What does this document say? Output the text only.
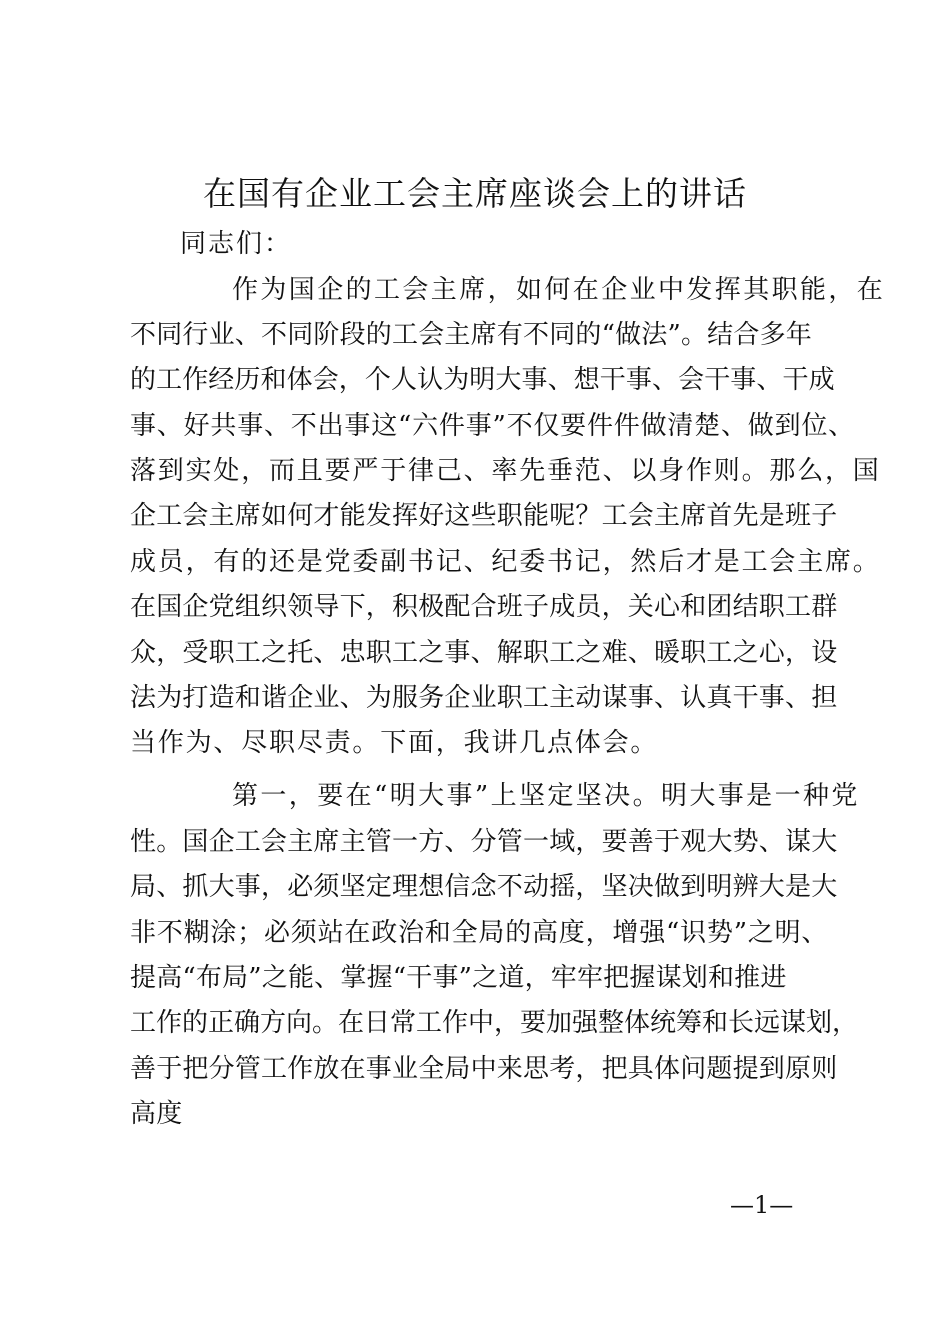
在国有企业工会主席座谈会上的讲话

同志们：

作为国企的工会主席，如何在企业中发挥其职能，在

不同行业、不同阶段的工会主席有不同的“做法”。结合多年

的工作经历和体会，个人认为明大事、想干事、会干事、干成

事、好共事、不出事这“六件事”不仅要件件做清楚、做到位、

落到实处，而且要严于律己、率先垂范、以身作则。那么，国

企工会主席如何才能发挥好这些职能呢？工会主席首先是班子

成员，有的还是党委副书记、纪委书记，然后才是工会主席。

在国企党组织领导下，积极配合班子成员，关心和团结职工群

众，受职工之托、忠职工之事、解职工之难、暖职工之心，设

法为打造和谐企业、为服务企业职工主动谋事、认真干事、担

当作为、尽职尽责。下面，我讲几点体会。

第一，要在“明大事”上坚定坚决。明大事是一种党

性。国企工会主席主管一方、分管一域，要善于观大势、谋大

局、抓大事，必须坚定理想信念不动摇，坚决做到明辨大是大

非不糊涂；必须站在政治和全局的高度，增强“识势”之明、

提高“布局”之能、掌握“干事”之道，牢牢把握谋划和推进

工作的正确方向。在日常工作中，要加强整体统筹和长远谋划，

善于把分管工作放在事业全局中来思考，把具体问题提到原则

高度

—1—
